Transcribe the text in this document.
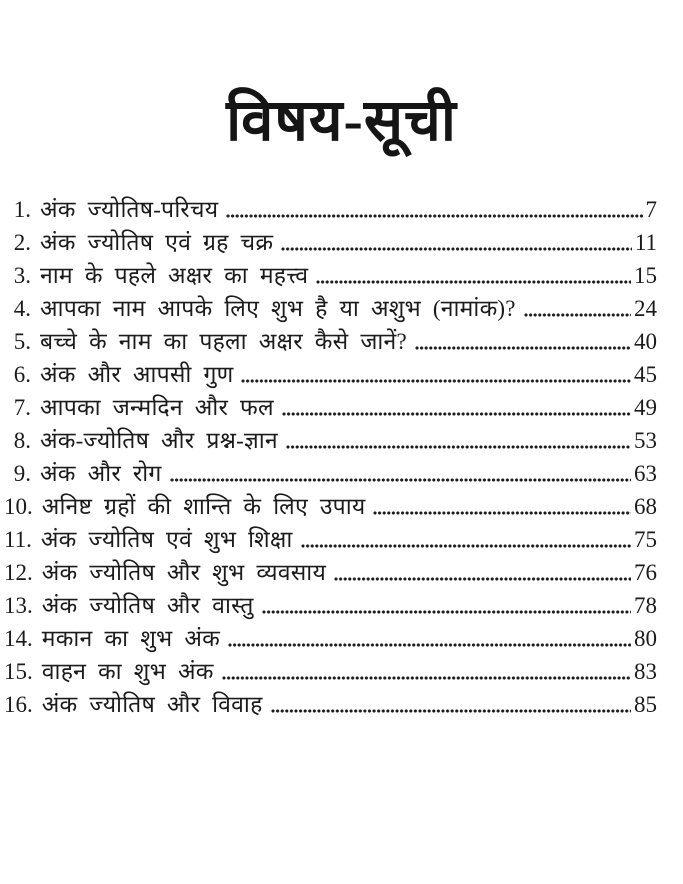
विषय-सूची
1. अंक ज्योतिष-परिचय	7
2. अंक ज्योतिष एवं ग्रह चक्र	11
3. नाम के पहले अक्षर का महत्त्व	15
4. आपका नाम आपके लिए शुभ है या अशुभ (नामांक)?	24
5. बच्चे के नाम का पहला अक्षर कैसे जानें?	40
6. अंक और आपसी गुण	45
7. आपका जन्मदिन और फल	49
8. अंक-ज्योतिष और प्रश्न-ज्ञान	53
9. अंक और रोग	63
10. अनिष्ट ग्रहों की शान्ति के लिए उपाय	68
11. अंक ज्योतिष एवं शुभ शिक्षा	75
12. अंक ज्योतिष और शुभ व्यवसाय	76
13. अंक ज्योतिष और वास्तु	78
14. मकान का शुभ अंक	80
15. वाहन का शुभ अंक	83
16. अंक ज्योतिष और विवाह	85
